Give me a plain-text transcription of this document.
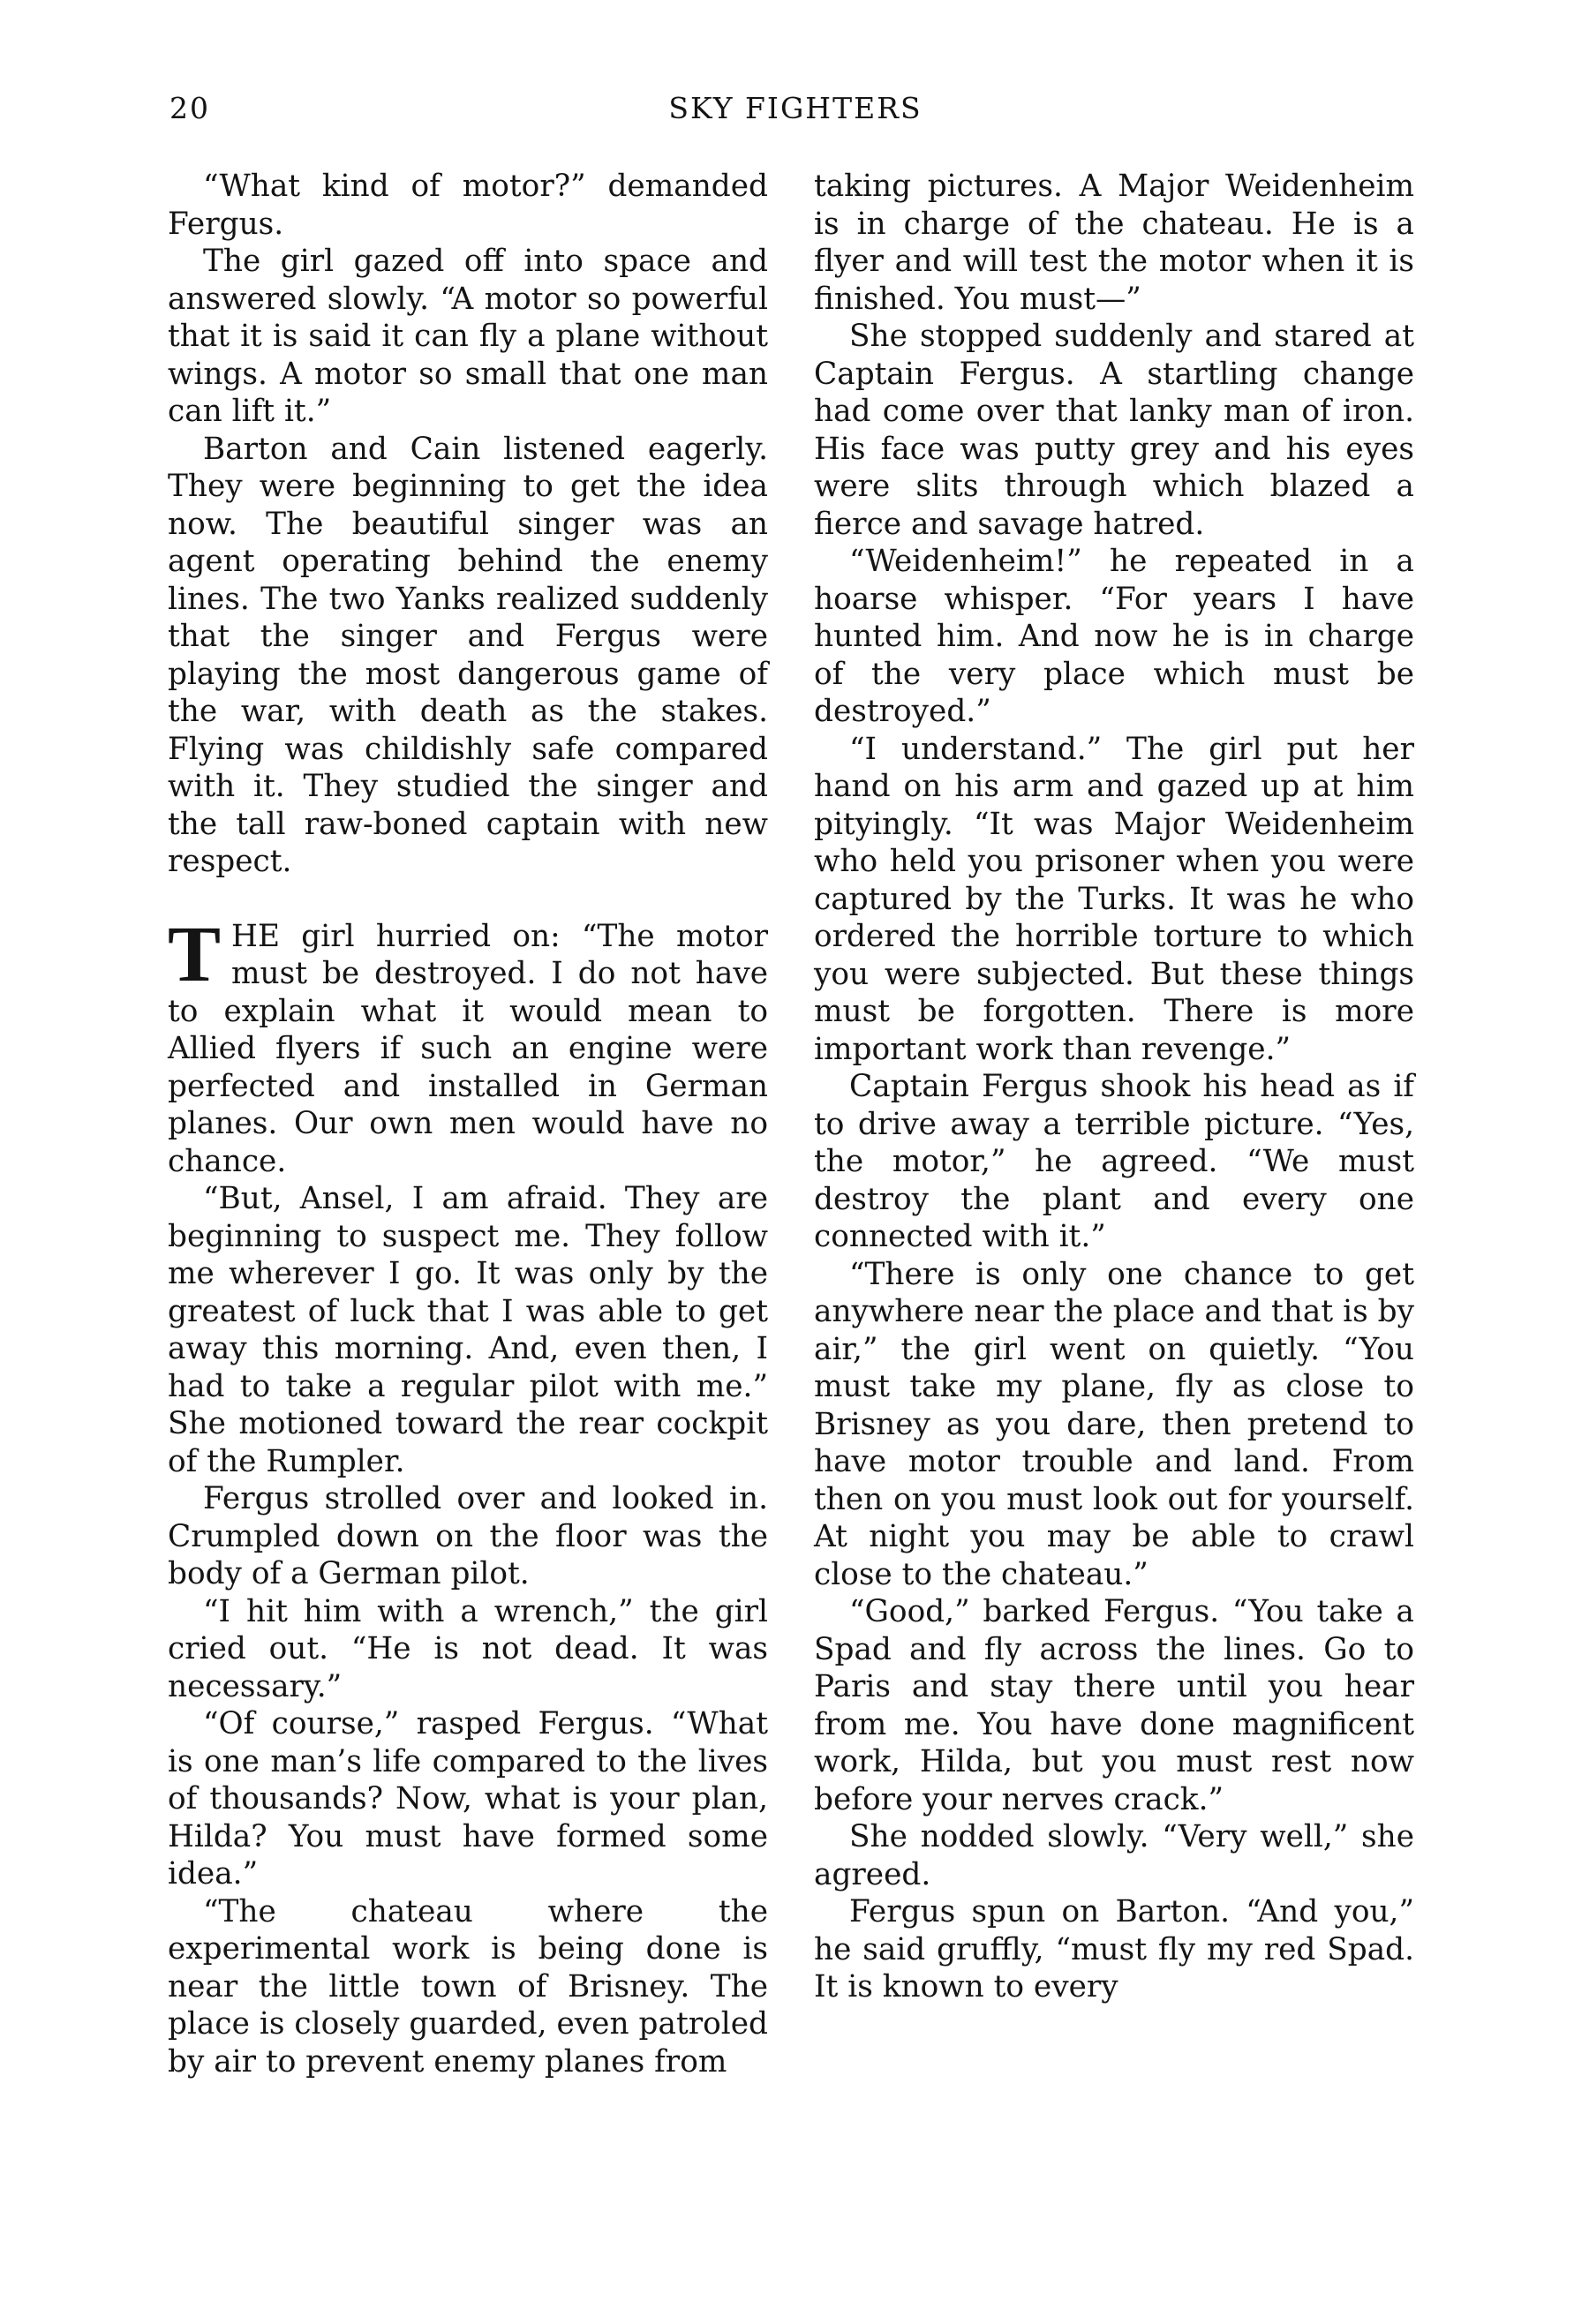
20	SKY FIGHTERS

“What kind of motor?” demanded Fergus.

The girl gazed off into space and answered slowly. “A motor so powerful that it is said it can fly a plane without wings. A motor so small that one man can lift it.”

Barton and Cain listened eagerly. They were beginning to get the idea now. The beautiful singer was an agent operating behind the enemy lines. The two Yanks realized suddenly that the singer and Fergus were playing the most dangerous game of the war, with death as the stakes. Flying was childishly safe compared with it. They studied the singer and the tall raw-boned captain with new respect.

THE girl hurried on: “The motor must be destroyed. I do not have to explain what it would mean to Allied flyers if such an engine were perfected and installed in German planes. Our own men would have no chance.

“But, Ansel, I am afraid. They are beginning to suspect me. They follow me wherever I go. It was only by the greatest of luck that I was able to get away this morning. And, even then, I had to take a regular pilot with me.” She motioned toward the rear cockpit of the Rumpler.

Fergus strolled over and looked in. Crumpled down on the floor was the body of a German pilot.

“I hit him with a wrench,” the girl cried out. “He is not dead. It was necessary.”

“Of course,” rasped Fergus. “What is one man’s life compared to the lives of thousands? Now, what is your plan, Hilda? You must have formed some idea.”

“The chateau where the experimental work is being done is near the little town of Brisney. The place is closely guarded, even patroled by air to prevent enemy planes from

taking pictures. A Major Weidenheim is in charge of the chateau. He is a flyer and will test the motor when it is finished. You must—”

She stopped suddenly and stared at Captain Fergus. A startling change had come over that lanky man of iron. His face was putty grey and his eyes were slits through which blazed a fierce and savage hatred.

“Weidenheim!” he repeated in a hoarse whisper. “For years I have hunted him. And now he is in charge of the very place which must be destroyed.”

“I understand.” The girl put her hand on his arm and gazed up at him pityingly. “It was Major Weidenheim who held you prisoner when you were captured by the Turks. It was he who ordered the horrible torture to which you were subjected. But these things must be forgotten. There is more important work than revenge.”

Captain Fergus shook his head as if to drive away a terrible picture. “Yes, the motor,” he agreed. “We must destroy the plant and every one connected with it.”

“There is only one chance to get anywhere near the place and that is by air,” the girl went on quietly. “You must take my plane, fly as close to Brisney as you dare, then pretend to have motor trouble and land. From then on you must look out for yourself. At night you may be able to crawl close to the chateau.”

“Good,” barked Fergus. “You take a Spad and fly across the lines. Go to Paris and stay there until you hear from me. You have done magnificent work, Hilda, but you must rest now before your nerves crack.”

She nodded slowly. “Very well,” she agreed.

Fergus spun on Barton. “And you,” he said gruffly, “must fly my red Spad. It is known to every
